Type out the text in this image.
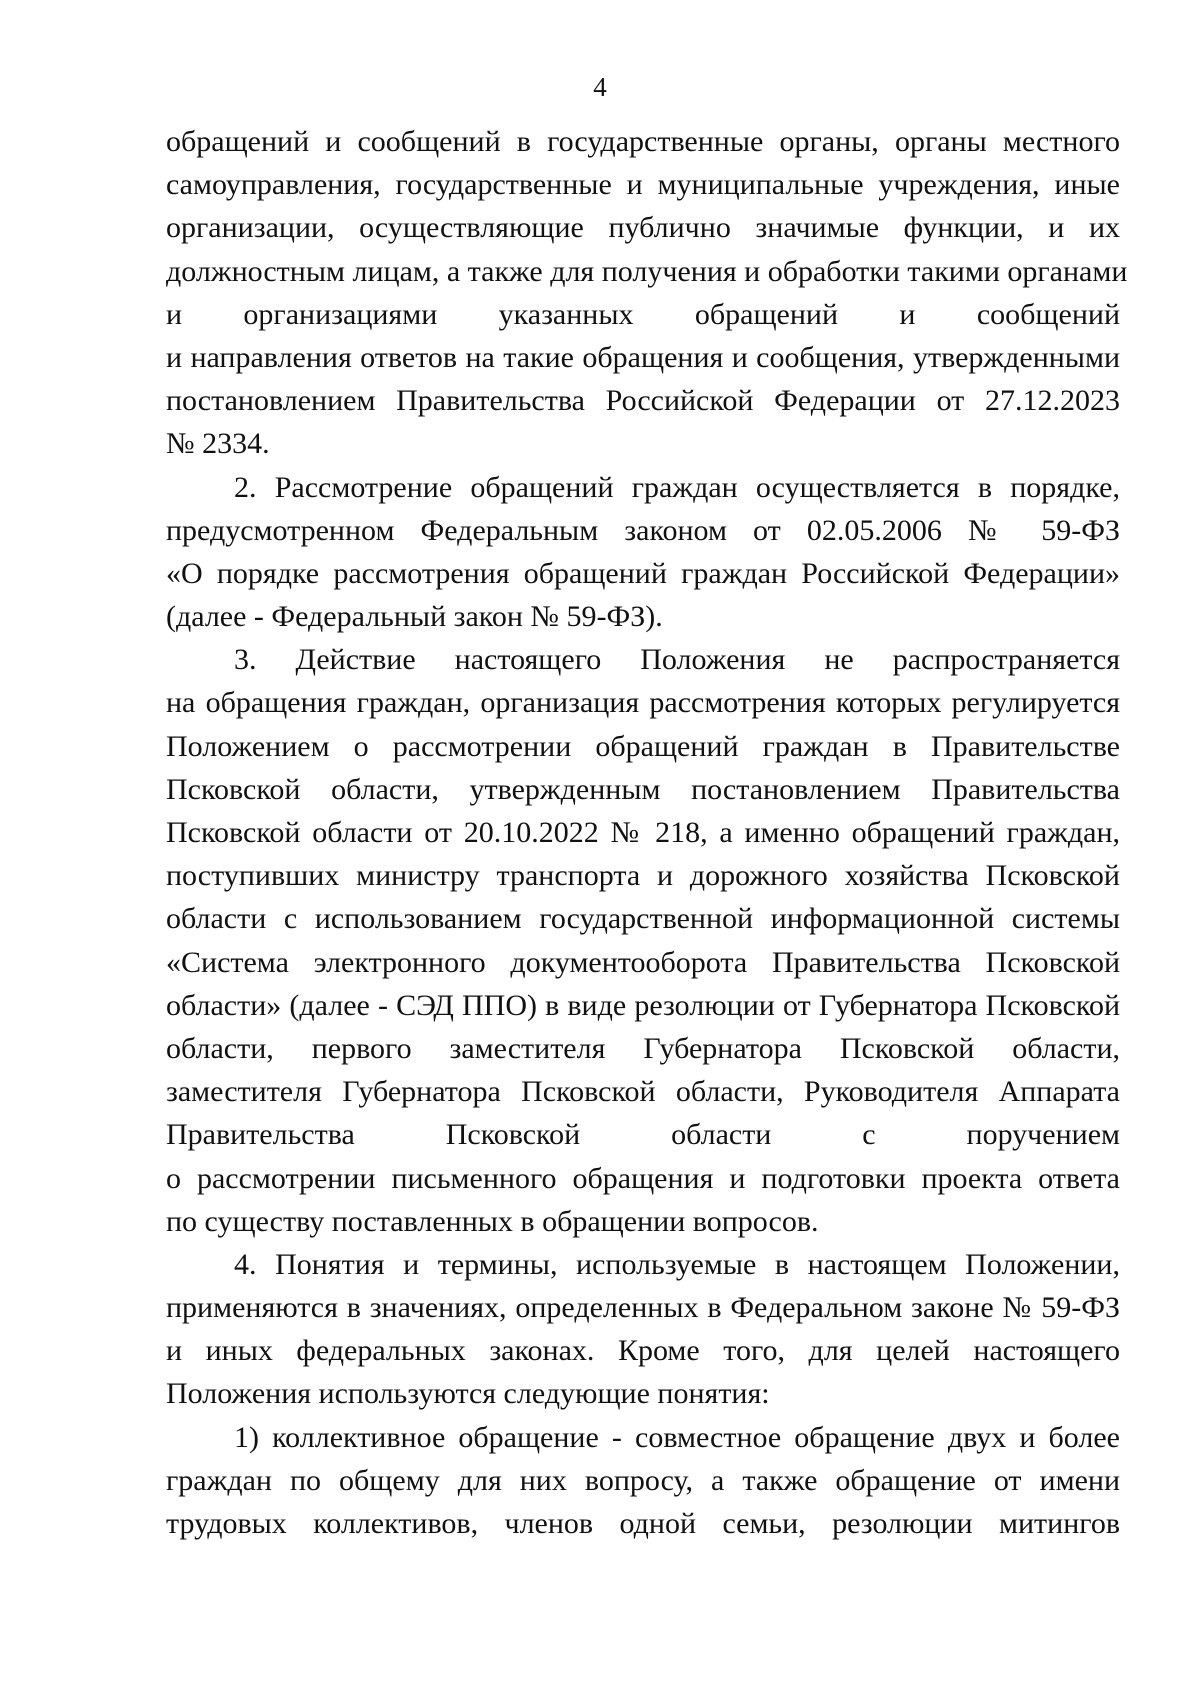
4
обращений и сообщений в государственные органы, органы местного
самоуправления, государственные и муниципальные учреждения, иные
организации, осуществляющие публично значимые функции, и их
должностным лицам, а также для получения и обработки такими органами
и организациями указанных обращений и сообщений
и направления ответов на такие обращения и сообщения, утвержденными
постановлением Правительства Российской Федерации от 27.12.2023
№ 2334.
2. Рассмотрение обращений граждан осуществляется в порядке,
предусмотренном Федеральным законом от 02.05.2006 № 59-ФЗ
«О порядке рассмотрения обращений граждан Российской Федерации»
(далее - Федеральный закон № 59-ФЗ).
3. Действие настоящего Положения не распространяется
на обращения граждан, организация рассмотрения которых регулируется
Положением о рассмотрении обращений граждан в Правительстве
Псковской области, утвержденным постановлением Правительства
Псковской области от 20.10.2022 № 218, а именно обращений граждан,
поступивших министру транспорта и дорожного хозяйства Псковской
области с использованием государственной информационной системы
«Система электронного документооборота Правительства Псковской
области» (далее - СЭД ППО) в виде резолюции от Губернатора Псковской
области, первого заместителя Губернатора Псковской области,
заместителя Губернатора Псковской области, Руководителя Аппарата
Правительства Псковской области с поручением
о рассмотрении письменного обращения и подготовки проекта ответа
по существу поставленных в обращении вопросов.
4. Понятия и термины, используемые в настоящем Положении,
применяются в значениях, определенных в Федеральном законе № 59-ФЗ
и иных федеральных законах. Кроме того, для целей настоящего
Положения используются следующие понятия:
1) коллективное обращение - совместное обращение двух и более
граждан по общему для них вопросу, а также обращение от имени
трудовых коллективов, членов одной семьи, резолюции митингов
